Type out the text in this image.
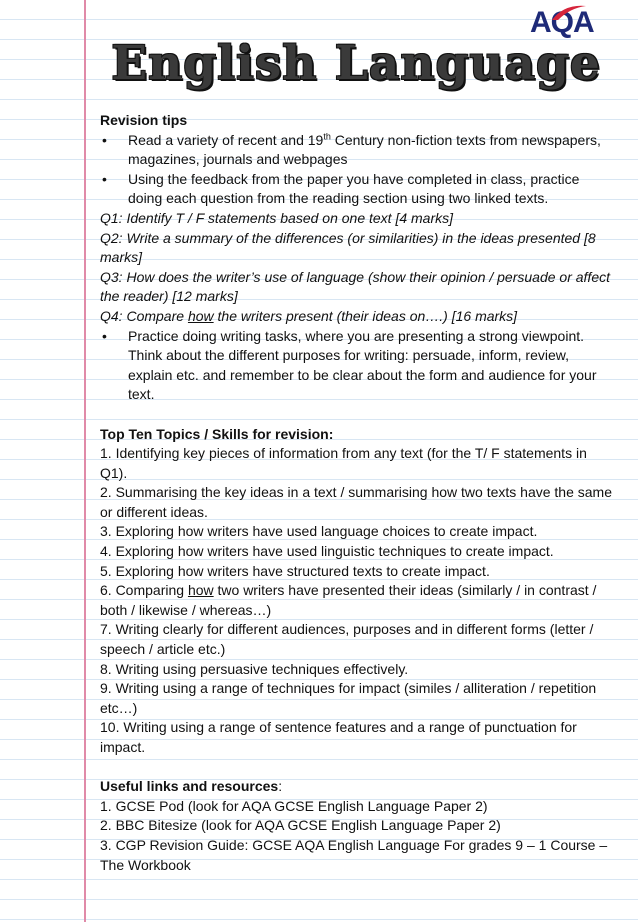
AQA
English Language

Revision tips

•	Read a variety of recent and 19th Century non-fiction texts from newspapers, magazines, journals and webpages
•	Using the feedback from the paper you have completed in class, practice doing each question from the reading section using two linked texts.

Q1: Identify T / F statements based on one text [4 marks]

Q2: Write a summary of the differences (or similarities) in the ideas presented [8 marks]

Q3: How does the writer’s use of language (show their opinion / persuade or affect the reader) [12 marks]

Q4: Compare how the writers present (their ideas on….) [16 marks]

•	Practice doing writing tasks, where you are presenting a strong viewpoint. Think about the different purposes for writing: persuade, inform, review, explain etc. and remember to be clear about the form and audience for your text.

Top Ten Topics / Skills for revision:

1. Identifying key pieces of information from any text (for the T/ F statements in Q1).

2. Summarising the key ideas in a text / summarising how two texts have the same or different ideas.

3. Exploring how writers have used language choices to create impact.

4. Exploring how writers have used linguistic techniques to create impact.

5. Exploring how writers have structured texts to create impact.

6. Comparing how two writers have presented their ideas (similarly / in contrast / both / likewise / whereas…)

7. Writing clearly for different audiences, purposes and in different forms (letter / speech / article etc.)

8. Writing using persuasive techniques effectively.

9. Writing using a range of techniques for impact (similes / alliteration / repetition etc…)

10. Writing using a range of sentence features and a range of punctuation for impact.

Useful links and resources:

1. GCSE Pod (look for AQA GCSE English Language Paper 2)

2. BBC Bitesize (look for AQA GCSE English Language Paper 2)

3. CGP Revision Guide: GCSE AQA English Language For grades 9 – 1 Course – The Workbook
